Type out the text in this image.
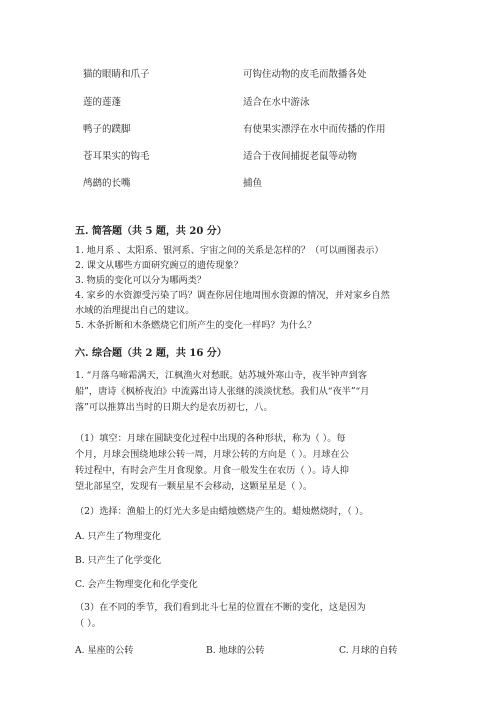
猫的眼睛和爪子	可钩住动物的皮毛而散播各处
莲的莲蓬	适合在水中游泳
鸭子的蹼脚	有使果实漂浮在水中而传播的作用
苍耳果实的钩毛	适合于夜间捕捉老鼠等动物
鸬鹚的长嘴	捕鱼
五. 简答题（共 5 题，共 20 分）
1. 地月系 、太阳系、银河系、宇宙之间的关系是怎样的？（可以画图表示）
2. 课文从哪些方面研究豌豆的遗传现象？
3. 物质的变化可以分为哪两类？
4. 家乡的水资源受污染了吗？调查你居住地周围水资源的情况，并对家乡自然
水域的治理提出自己的建议。
5. 木条折断和木条燃烧它们所产生的变化一样吗？为什么？
六. 综合题（共 2 题，共 16 分）
1. “月落乌啼霜满天，江枫渔火对愁眠。姑苏城外寒山寺，夜半钟声到客
船”，唐诗《枫桥夜泊》中流露出诗人张继的淡淡忧愁。我们从“夜半”“月
落”可以推算出当时的日期大约是农历初七，八。
（1）填空：月球在圆缺变化过程中出现的各种形状，称为（ ）。每
个月，月球会围绕地球公转一周，月球公转的方向是（ ）。月球在公
转过程中，有时会产生月食现象。月食一般发生在农历（ ）。诗人抑
望北部星空，发现有一颗星星不会移动，这颗星星是（ ）。
（2）选择：渔船上的灯光大多是由蜡烛燃烧产生的。蜡烛燃烧时，（ ）。
A. 只产生了物理变化
B. 只产生了化学变化
C. 会产生物理变化和化学变化
（3）在不同的季节，我们看到北斗七星的位置在不断的变化，这是因为
（ ）。
A. 星座的公转	B. 地球的公转	C. 月球的自转
